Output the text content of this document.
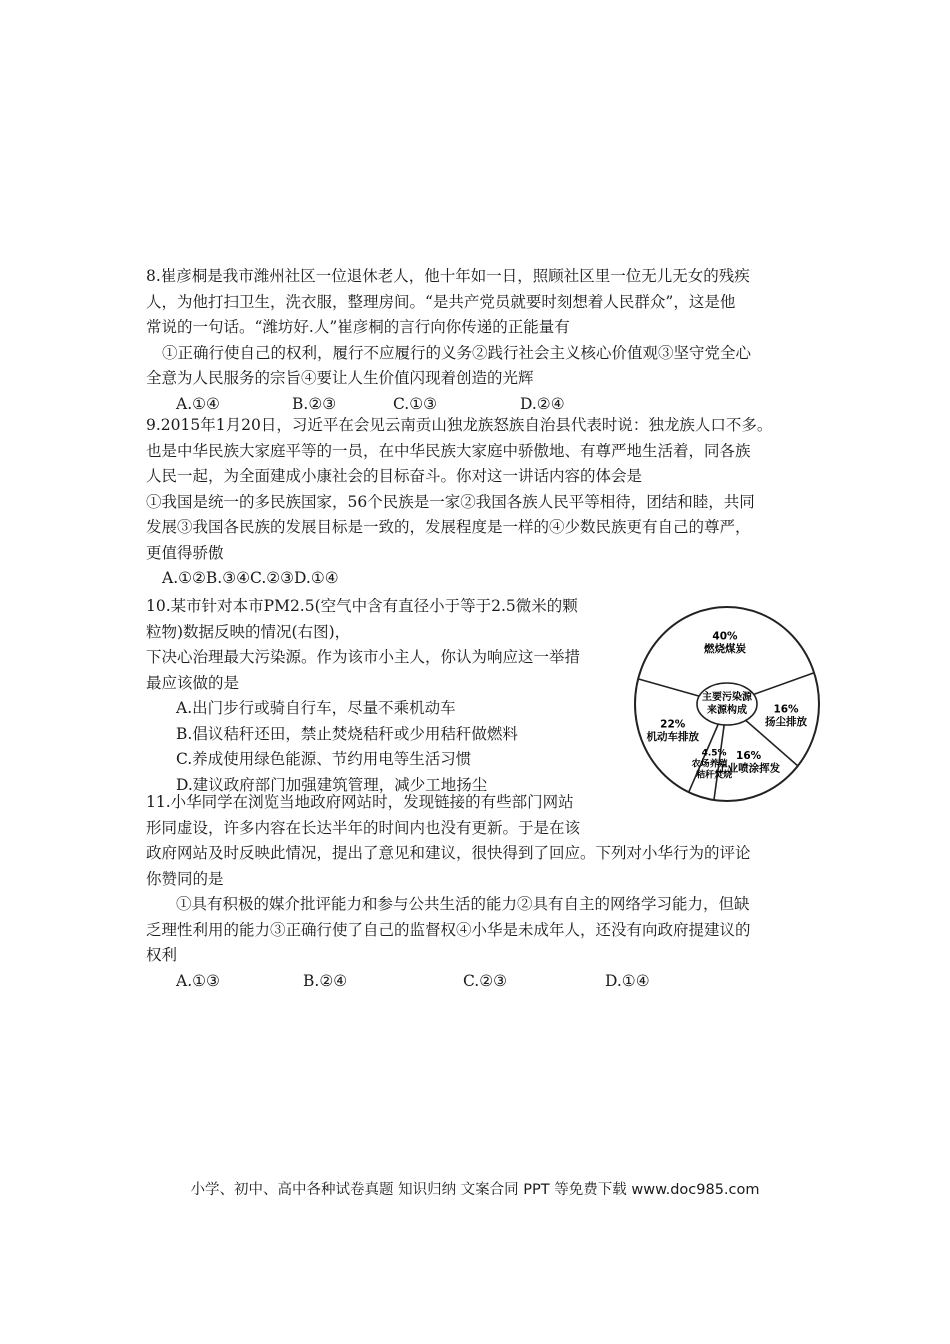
8.崔彦桐是我市潍州社区一位退休老人，他十年如一日，照顾社区里一位无儿无女的残疾
人，为他打扫卫生，洗衣服，整理房间。“是共产党员就要时刻想着人民群众”，这是他
常说的一句话。“潍坊好.人”崔彦桐的言行向你传递的正能量有
①正确行使自己的权利，履行不应履行的义务②践行社会主义核心价值观③坚守党全心
全意为人民服务的宗旨④要让人生价值闪现着创造的光辉
A.①④	B.②③	C.①③	D.②④
9.2015年1月20日，习近平在会见云南贡山独龙族怒族自治县代表时说：独龙族人口不多。
也是中华民族大家庭平等的一员，在中华民族大家庭中骄傲地、有尊严地生活着，同各族
人民一起，为全面建成小康社会的目标奋斗。你对这一讲话内容的体会是
①我国是统一的多民族国家，56个民族是一家②我国各族人民平等相待，团结和睦，共同
发展③我国各民族的发展目标是一致的，发展程度是一样的④少数民族更有自己的尊严，
更值得骄傲
A.①②B.③④C.②③D.①④
10.某市针对本市PM2.5(空气中含有直径小于等于2.5微米的颗
粒物)数据反映的情况(右图)，
下决心治理最大污染源。作为该市小主人，你认为响应这一举措
最应该做的是
A.出门步行或骑自行车，尽量不乘机动车
B.倡议秸秆还田，禁止焚烧秸秆或少用秸秆做燃料
C.养成使用绿色能源、节约用电等生活习惯
D.建议政府部门加强建筑管理，减少工地扬尘
主要污染源
来源构成
40%
燃烧煤炭
16%
扬尘排放
16%
工业喷涂挥发
4.5%
农场养殖，
秸秆焚烧
22%
机动车排放
11.小华同学在浏览当地政府网站时，发现链接的有些部门网站
形同虚设，许多内容在长达半年的时间内也没有更新。于是在该
政府网站及时反映此情况，提出了意见和建议，很快得到了回应。下列对小华行为的评论
你赞同的是
①具有积极的媒介批评能力和参与公共生活的能力②具有自主的网络学习能力，但缺
乏理性利用的能力③正确行使了自己的监督权④小华是未成年人，还没有向政府提建议的
权利
A.①③	B.②④	C.②③	D.①④
小学、初中、高中各种试卷真题 知识归纳 文案合同 PPT 等免费下载 www.doc985.com
